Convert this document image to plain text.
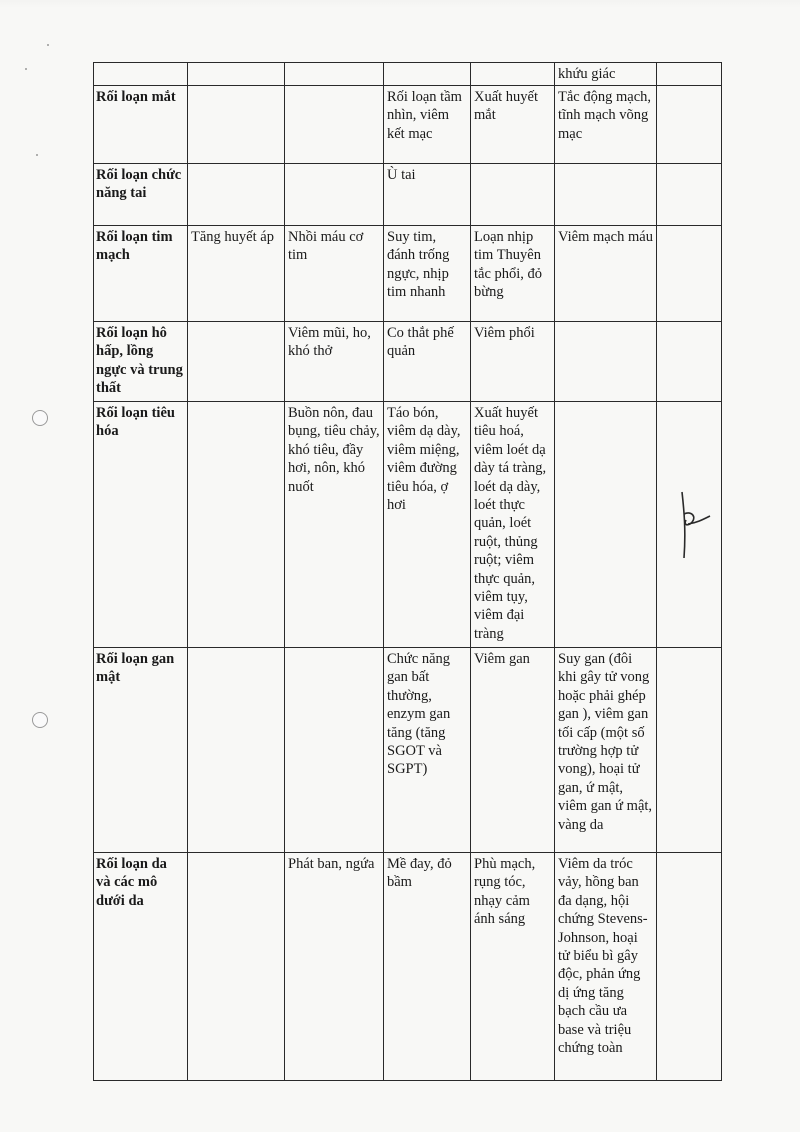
					khứu giác	
Rối loạn mắt			Rối loạn tầm nhìn, viêm kết mạc	Xuất huyết mắt	Tắc động mạch, tĩnh mạch võng mạc	
Rối loạn chức năng tai			Ù tai			
Rối loạn tim mạch	Tăng huyết áp	Nhồi máu cơ tim	Suy tim, đánh trống ngực, nhịp tim nhanh	Loạn nhịp tim Thuyên tắc phổi, đỏ bừng	Viêm mạch máu	
Rối loạn hô hấp, lồng ngực và trung thất		Viêm mũi, ho, khó thở	Co thắt phế quản	Viêm phổi		
Rối loạn tiêu hóa		Buồn nôn, đau bụng, tiêu chảy, khó tiêu, đầy hơi, nôn, khó nuốt	Táo bón, viêm dạ dày, viêm miệng, viêm đường tiêu hóa, ợ hơi	Xuất huyết tiêu hoá, viêm loét dạ dày tá tràng, loét dạ dày, loét thực quản, loét ruột, thủng ruột; viêm thực quản, viêm tụy, viêm đại tràng		
Rối loạn gan mật			Chức năng gan bất thường, enzym gan tăng (tăng SGOT và SGPT)	Viêm gan	Suy gan (đôi khi gây tử vong hoặc phải ghép gan ), viêm gan tối cấp (một số trường hợp tử vong), hoại tử gan, ứ mật, viêm gan ứ mật, vàng da	
Rối loạn da và các mô dưới da		Phát ban, ngứa	Mề đay, đỏ bầm	Phù mạch, rụng tóc, nhạy cảm ánh sáng	Viêm da tróc vảy, hồng ban đa dạng, hội chứng Stevens-Johnson, hoại tử biểu bì gây độc, phản ứng dị ứng tăng bạch cầu ưa base và triệu chứng toàn	
